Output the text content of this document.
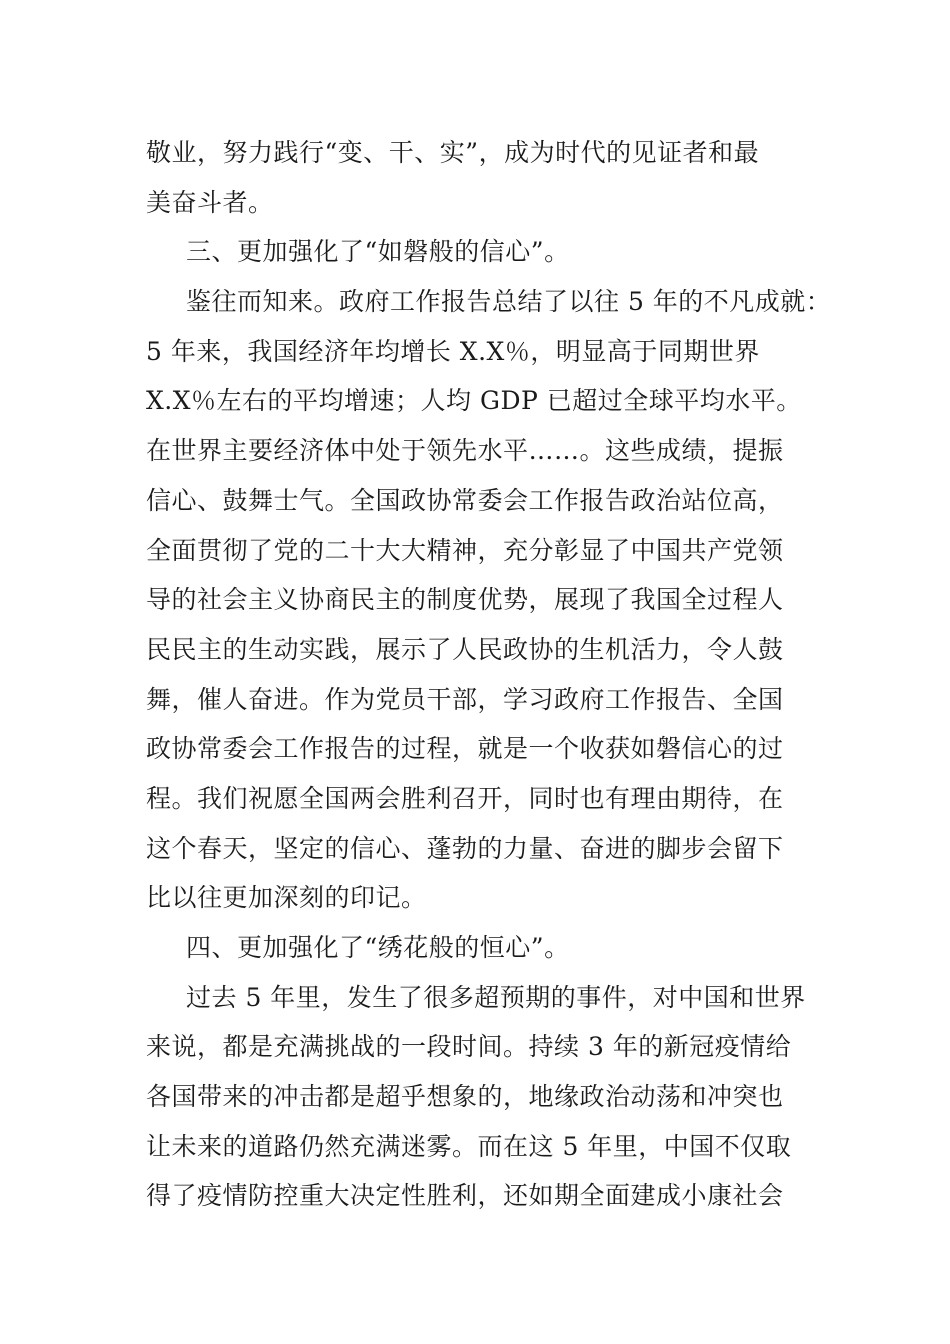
敬业，努力践行“变、干、实”，成为时代的见证者和最
美奋斗者。
三、更加强化了“如磐般的信心”。
鉴往而知来。政府工作报告总结了以往 5 年的不凡成就：
5 年来，我国经济年均增长 X.X％，明显高于同期世界
X.X％左右的平均增速；人均 GDP 已超过全球平均水平。
在世界主要经济体中处于领先水平……。这些成绩，提振
信心、鼓舞士气。全国政协常委会工作报告政治站位高，
全面贯彻了党的二十大大精神，充分彰显了中国共产党领
导的社会主义协商民主的制度优势，展现了我国全过程人
民民主的生动实践，展示了人民政协的生机活力，令人鼓
舞，催人奋进。作为党员干部，学习政府工作报告、全国
政协常委会工作报告的过程，就是一个收获如磐信心的过
程。我们祝愿全国两会胜利召开，同时也有理由期待，在
这个春天，坚定的信心、蓬勃的力量、奋进的脚步会留下
比以往更加深刻的印记。
四、更加强化了“绣花般的恒心”。
过去 5 年里，发生了很多超预期的事件，对中国和世界
来说，都是充满挑战的一段时间。持续 3 年的新冠疫情给
各国带来的冲击都是超乎想象的，地缘政治动荡和冲突也
让未来的道路仍然充满迷雾。而在这 5 年里，中国不仅取
得了疫情防控重大决定性胜利，还如期全面建成小康社会
